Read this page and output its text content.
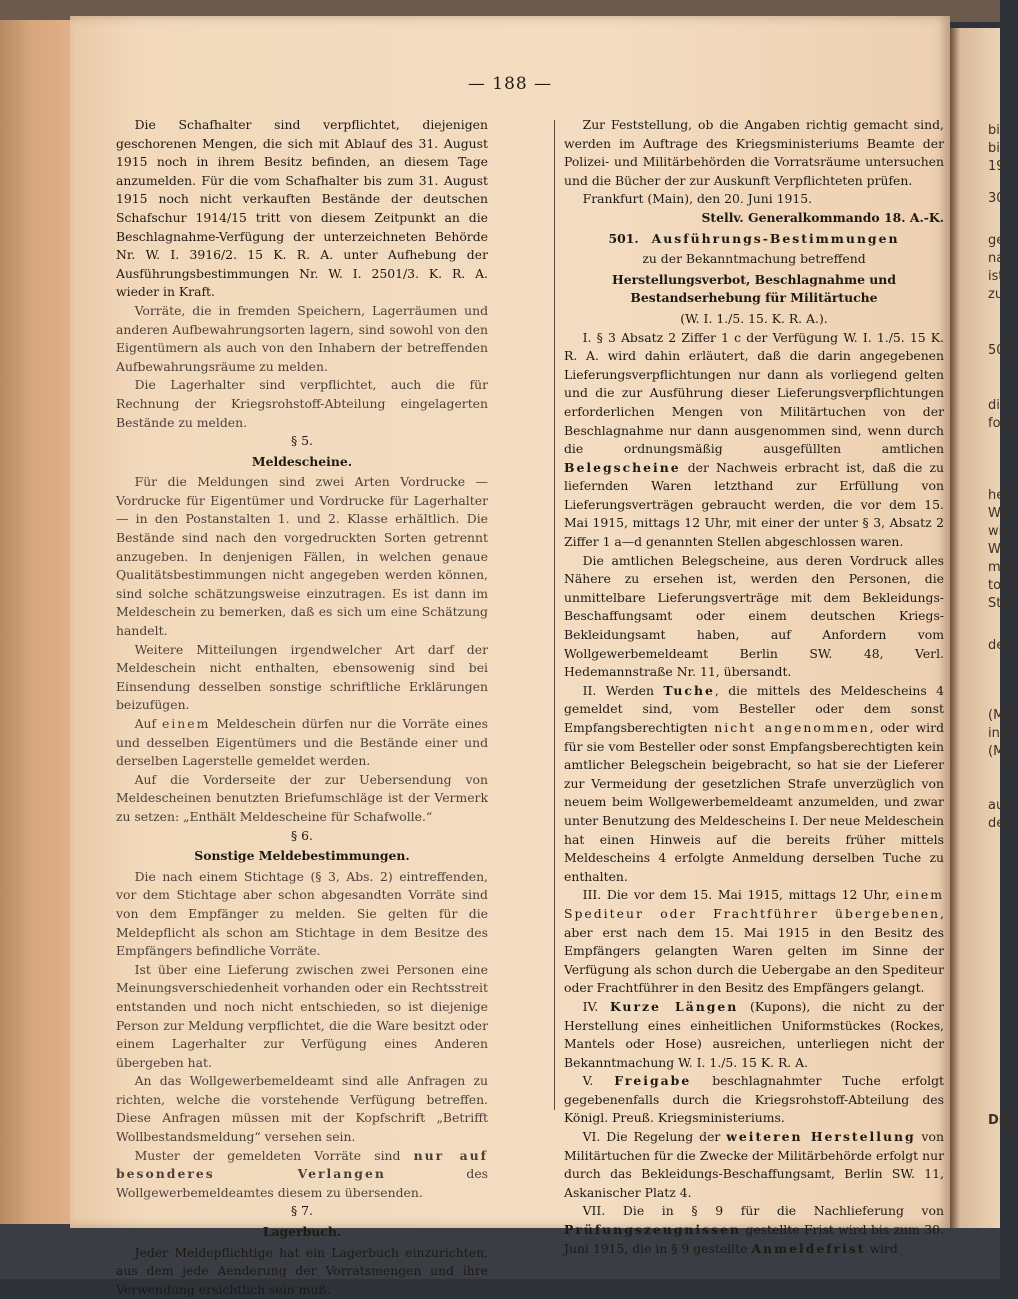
bi
bi
19
30
ge
na
ist
zu
502
die
folg
hebr
Wir
wie
Wir
mer
toffe
Stel
der
(Mu
inwi
(Mu
auf
der
Dru
— 188 —

Die Schafhalter sind verpflichtet, diejenigen geschorenen Mengen, die sich mit Ablauf des 31. August 1915 noch in ihrem Besitz befinden, an diesem Tage anzumelden. Für die vom Schafhalter bis zum 31. August 1915 noch nicht verkauften Bestände der deutschen Schafschur 1914/15 tritt von diesem Zeitpunkt an die Beschlagnahme-Verfügung der unterzeichneten Behörde Nr. W. I. 3916/2. 15 K. R. A. unter Aufhebung der Ausführungsbestimmungen Nr. W. I. 2501/3. K. R. A. wieder in Kraft.

Vorräte, die in fremden Speichern, Lagerräumen und anderen Aufbewahrungsorten lagern, sind sowohl von den Eigentümern als auch von den Inhabern der betreffenden Aufbewahrungsräume zu melden.

Die Lagerhalter sind verpflichtet, auch die für Rechnung der Kriegsrohstoff-Abteilung eingelagerten Bestände zu melden.

§ 5.
Meldescheine.

Für die Meldungen sind zwei Arten Vordrucke — Vordrucke für Eigentümer und Vordrucke für Lagerhalter — in den Postanstalten 1. und 2. Klasse erhältlich. Die Bestände sind nach den vorgedruckten Sorten getrennt anzugeben. In denjenigen Fällen, in welchen genaue Qualitätsbestimmungen nicht angegeben werden können, sind solche schätzungsweise einzutragen. Es ist dann im Meldeschein zu bemerken, daß es sich um eine Schätzung handelt.

Weitere Mitteilungen irgendwelcher Art darf der Meldeschein nicht enthalten, ebensowenig sind bei Einsendung desselben sonstige schriftliche Erklärungen beizufügen.

Auf einem Meldeschein dürfen nur die Vorräte eines und desselben Eigentümers und die Bestände einer und derselben Lagerstelle gemeldet werden.

Auf die Vorderseite der zur Uebersendung von Meldescheinen benutzten Briefumschläge ist der Vermerk zu setzen: „Enthält Meldescheine für Schafwolle.“

§ 6.
Sonstige Meldebestimmungen.

Die nach einem Stichtage (§ 3, Abs. 2) eintreffenden, vor dem Stichtage aber schon abgesandten Vorräte sind von dem Empfänger zu melden. Sie gelten für die Meldepflicht als schon am Stichtage in dem Besitze des Empfängers befindliche Vorräte.

Ist über eine Lieferung zwischen zwei Personen eine Meinungsverschiedenheit vorhanden oder ein Rechtsstreit entstanden und noch nicht entschieden, so ist diejenige Person zur Meldung verpflichtet, die die Ware besitzt oder einem Lagerhalter zur Verfügung eines Anderen übergeben hat.

An das Wollgewerbemeldeamt sind alle Anfragen zu richten, welche die vorstehende Verfügung betreffen. Diese Anfragen müssen mit der Kopfschrift „Betrifft Wollbestandsmeldung“ versehen sein.

Muster der gemeldeten Vorräte sind nur auf besonderes Verlangen des Wollgewerbemeldeamtes diesem zu übersenden.

§ 7.
Lagerbuch.

Jeder Meldepflichtige hat ein Lagerbuch einzurichten, aus dem jede Aenderung der Vorratsmengen und ihre Verwendung ersichtlich sein muß.

Zur Feststellung, ob die Angaben richtig gemacht sind, werden im Auftrage des Kriegsministeriums Beamte der Polizei- und Militärbehörden die Vorratsräume untersuchen und die Bücher der zur Auskunft Verpflichteten prüfen.

Frankfurt (Main), den 20. Juni 1915.

Stellv. Generalkommando 18. A.-K.
501. Ausführungs-Bestimmungen
zu der Bekanntmachung betreffend
Herstellungsverbot, Beschlagnahme und Bestandserhebung für Militärtuche
(W. I. 1./5. 15. K. R. A.).

I. § 3 Absatz 2 Ziffer 1 c der Verfügung W. I. 1./5. 15 K. R. A. wird dahin erläutert, daß die darin angegebenen Lieferungsverpflichtungen nur dann als vorliegend gelten und die zur Ausführung dieser Lieferungsverpflichtungen erforderlichen Mengen von Militärtuchen von der Beschlagnahme nur dann ausgenommen sind, wenn durch die ordnungsmäßig ausgefüllten amtlichen Belegscheine der Nachweis erbracht ist, daß die zu liefernden Waren letzthand zur Erfüllung von Lieferungsverträgen gebraucht werden, die vor dem 15. Mai 1915, mittags 12 Uhr, mit einer der unter § 3, Absatz 2 Ziffer 1 a—d genannten Stellen abgeschlossen waren.

Die amtlichen Belegscheine, aus deren Vordruck alles Nähere zu ersehen ist, werden den Personen, die unmittelbare Lieferungsverträge mit dem Bekleidungs-Beschaffungsamt oder einem deutschen Kriegs-Bekleidungsamt haben, auf Anfordern vom Wollgewerbemeldeamt Berlin SW. 48, Verl. Hedemannstraße Nr. 11, übersandt.

II. Werden Tuche, die mittels des Meldescheins 4 gemeldet sind, vom Besteller oder dem sonst Empfangsberechtigten nicht angenommen, oder wird für sie vom Besteller oder sonst Empfangsberechtigten kein amtlicher Belegschein beigebracht, so hat sie der Lieferer zur Vermeidung der gesetzlichen Strafe unverzüglich von neuem beim Wollgewerbemeldeamt anzumelden, und zwar unter Benutzung des Meldescheins I. Der neue Meldeschein hat einen Hinweis auf die bereits früher mittels Meldescheins 4 erfolgte Anmeldung derselben Tuche zu enthalten.

III. Die vor dem 15. Mai 1915, mittags 12 Uhr, einem Spediteur oder Frachtführer übergebenen, aber erst nach dem 15. Mai 1915 in den Besitz des Empfängers gelangten Waren gelten im Sinne der Verfügung als schon durch die Uebergabe an den Spediteur oder Frachtführer in den Besitz des Empfängers gelangt.

IV. Kurze Längen (Kupons), die nicht zu der Herstellung eines einheitlichen Uniformstückes (Rockes, Mantels oder Hose) ausreichen, unterliegen nicht der Bekanntmachung W. I. 1./5. 15 K. R. A.

V. Freigabe beschlagnahmter Tuche erfolgt gegebenenfalls durch die Kriegsrohstoff-Abteilung des Königl. Preuß. Kriegsministeriums.

VI. Die Regelung der weiteren Herstellung von Militärtuchen für die Zwecke der Militärbehörde erfolgt nur durch das Bekleidungs-Beschaffungsamt, Berlin SW. 11, Askanischer Platz 4.

VII. Die in § 9 für die Nachlieferung von Prüfungszeugnissen gestellte Frist wird bis zum 30. Juni 1915, die in § 9 gestellte Anmeldefrist wird
